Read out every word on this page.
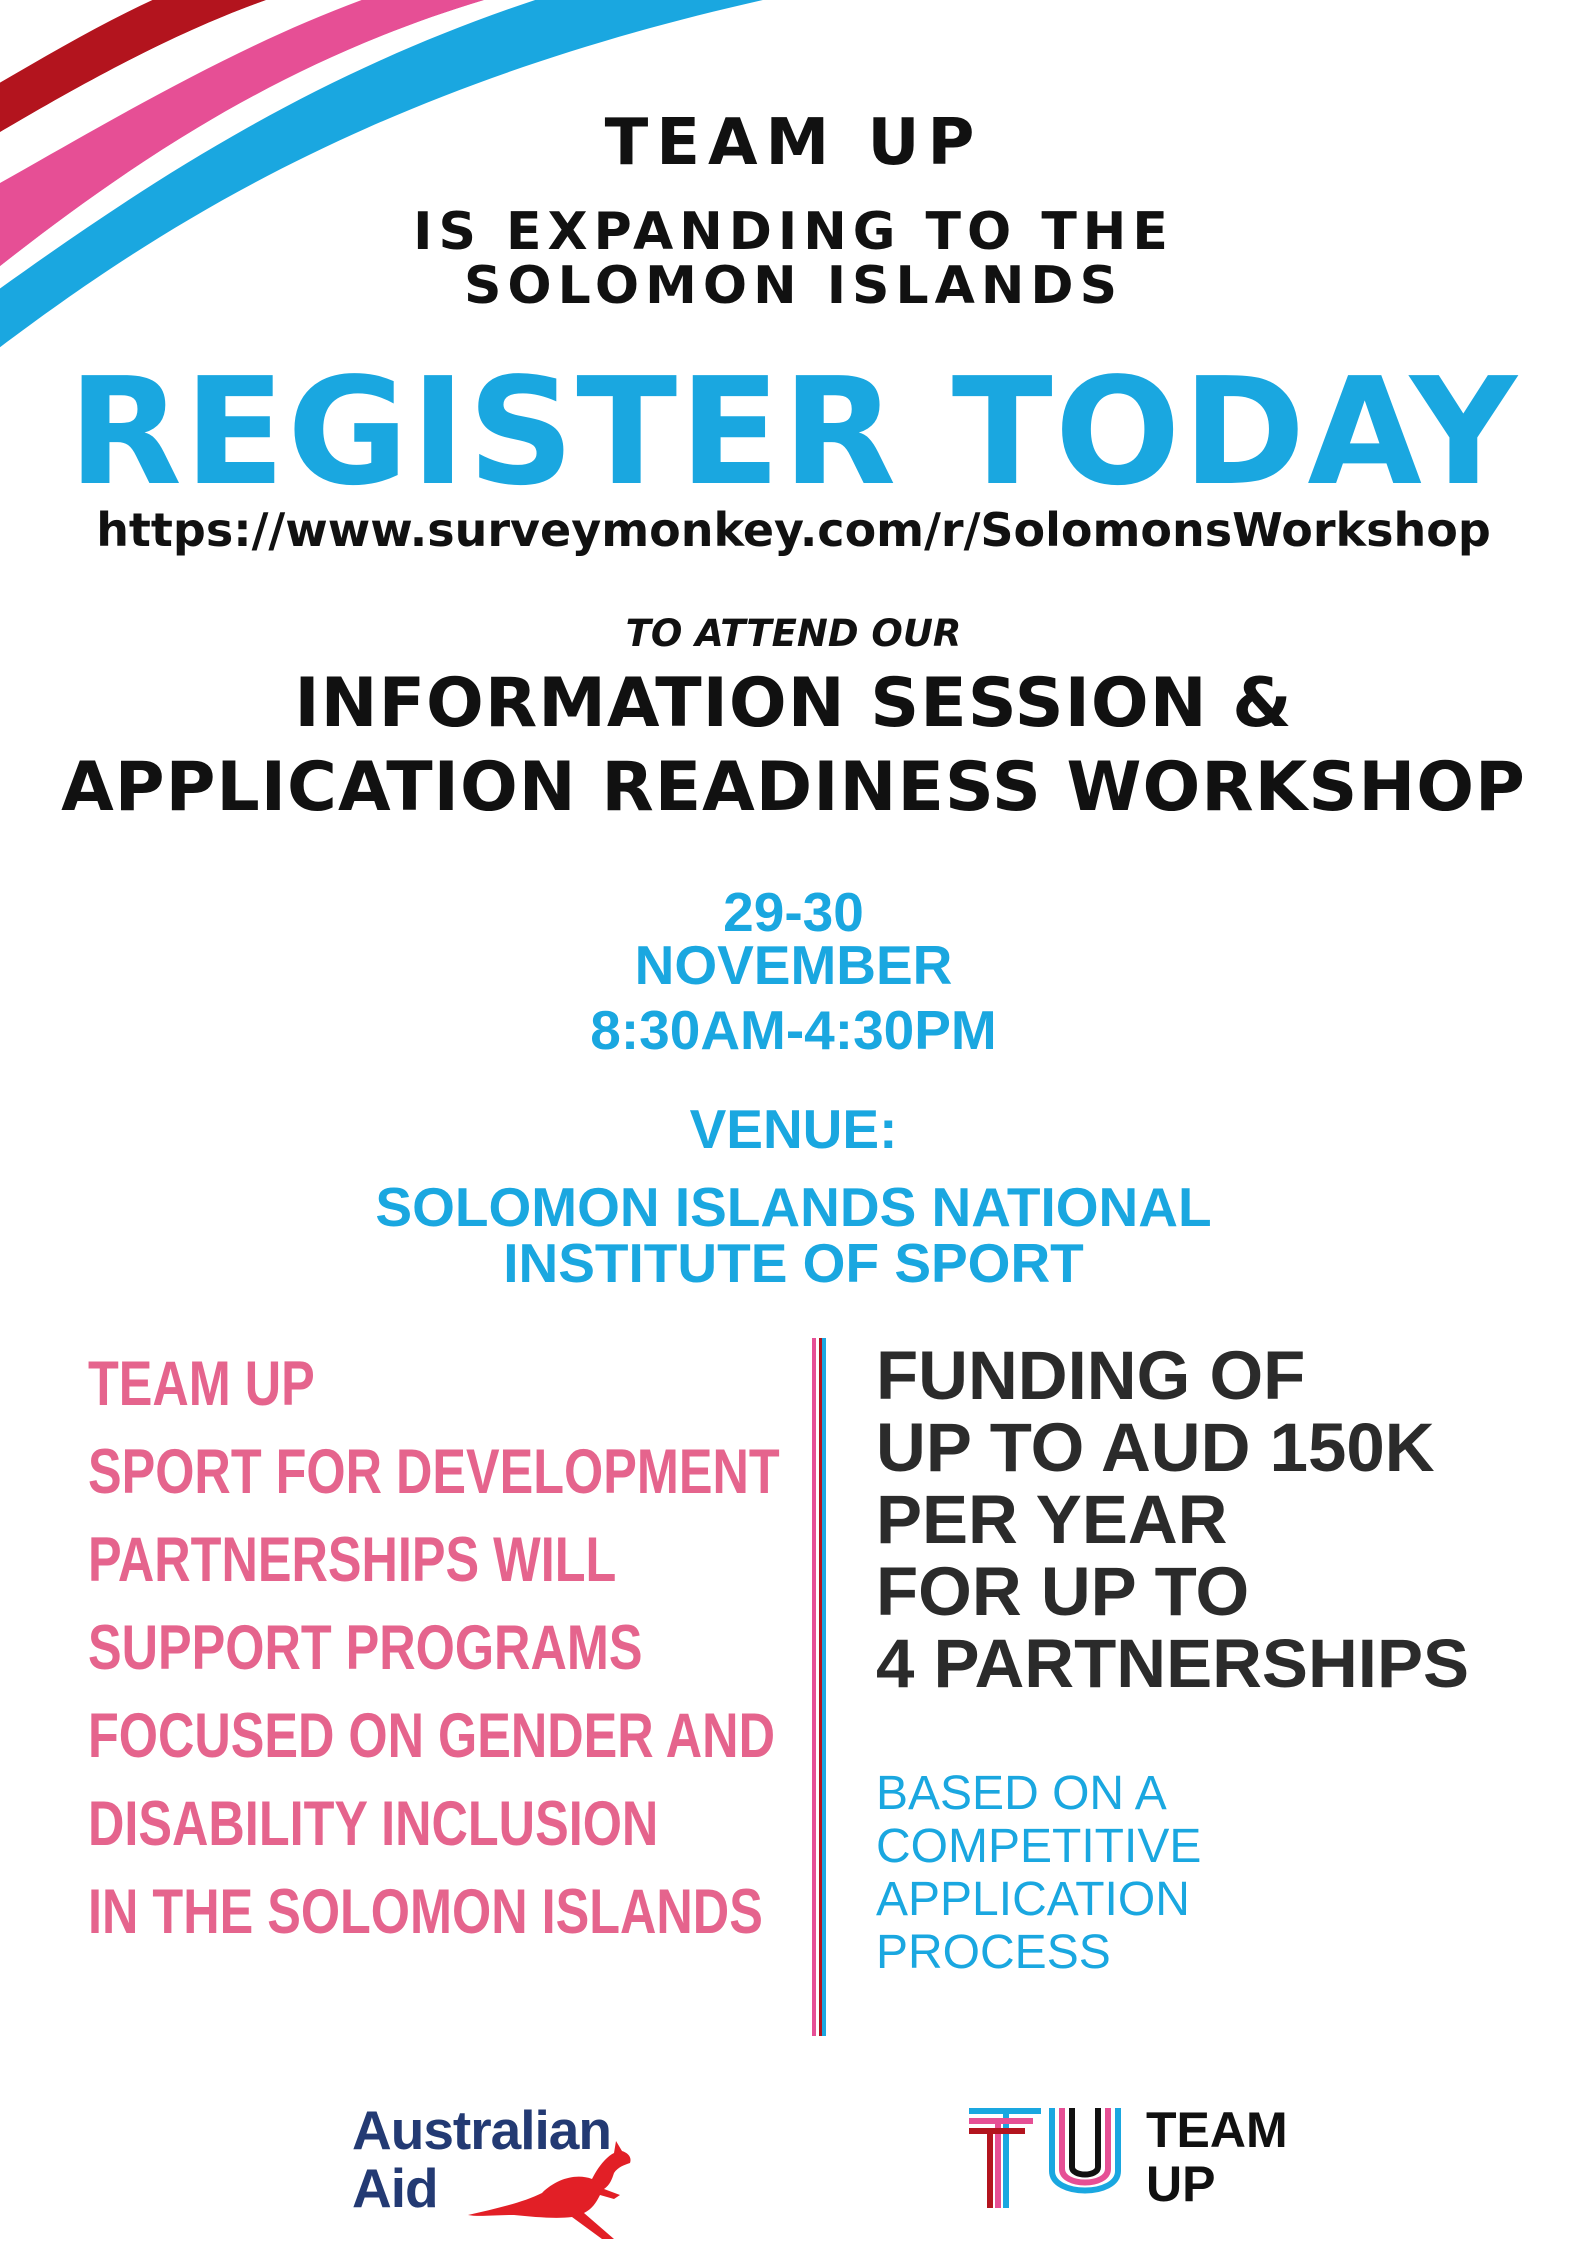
TEAM UP
IS EXPANDING TO THE
SOLOMON ISLANDS
REGISTER TODAY
https://www.surveymonkey.com/r/SolomonsWorkshop
TO ATTEND OUR
INFORMATION SESSION &
APPLICATION READINESS WORKSHOP
29-30
NOVEMBER
8:30AM-4:30PM
VENUE:
SOLOMON ISLANDS NATIONAL
INSTITUTE OF SPORT
TEAM UP
SPORT FOR DEVELOPMENT
PARTNERSHIPS WILL
SUPPORT PROGRAMS
FOCUSED ON GENDER AND
DISABILITY INCLUSION
IN THE SOLOMON ISLANDS
FUNDING OF
UP TO AUD 150K
PER YEAR
FOR UP TO
4 PARTNERSHIPS
BASED ON A
COMPETITIVE
APPLICATION
PROCESS
Australian
Aid
TEAM
UP
